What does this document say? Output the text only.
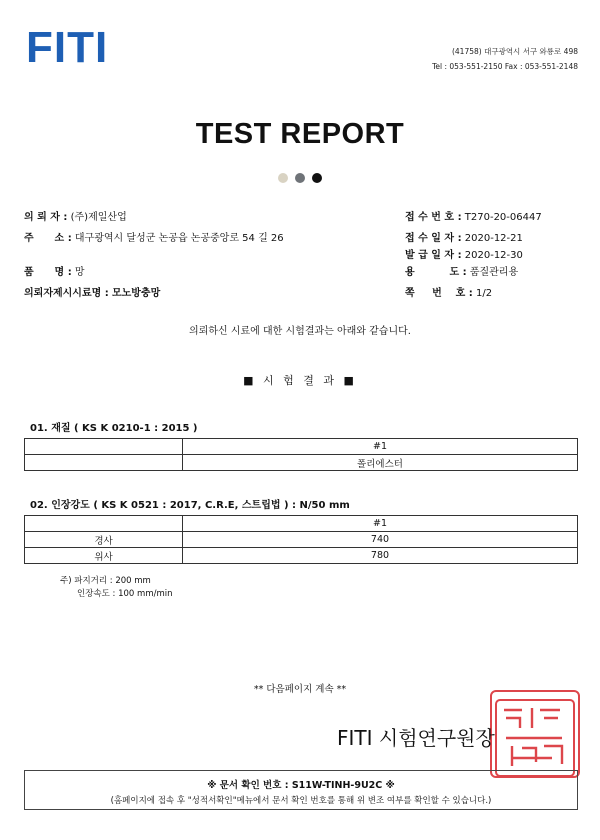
FITI	(41758) 대구광역시 서구 와룡로 498
Tel : 053-551-2150 Fax : 053-551-2148
TEST REPORT
의 뢰 자 : (주)제일산업
주      소 : 대구광역시 달성군 논공읍 논공중앙로 54 길 26
품      명 : 망
의뢰자제시시료명 : 모노방충망
접 수 번 호 : T270-20-06447
접 수 일 자 : 2020-12-21
발 급 일 자 : 2020-12-30
용          도 : 품질관리용
쪽     번    호 : 1/2
의뢰하신 시료에 대한 시험결과는 아래와 같습니다.
■ 시 험 결 과 ■
01. 재질 ( KS K 0210-1 : 2015 )
	#1
	폴리에스터
02. 인장강도 ( KS K 0521 : 2017, C.R.E, 스트립법 ) : N/50 mm
	#1
경사	740
위사	780
주) 파지거리 : 200 mm
인장속도 : 100 mm/min
** 다음페이지 계속 **
FITI 시험연구원장
※ 문서 확인 번호 : S11W-TINH-9U2C ※
(홈페이지에 접속 후 "성적서확인"메뉴에서 문서 확인 번호를 통해 위 변조 여부를 확인할 수 있습니다.)
